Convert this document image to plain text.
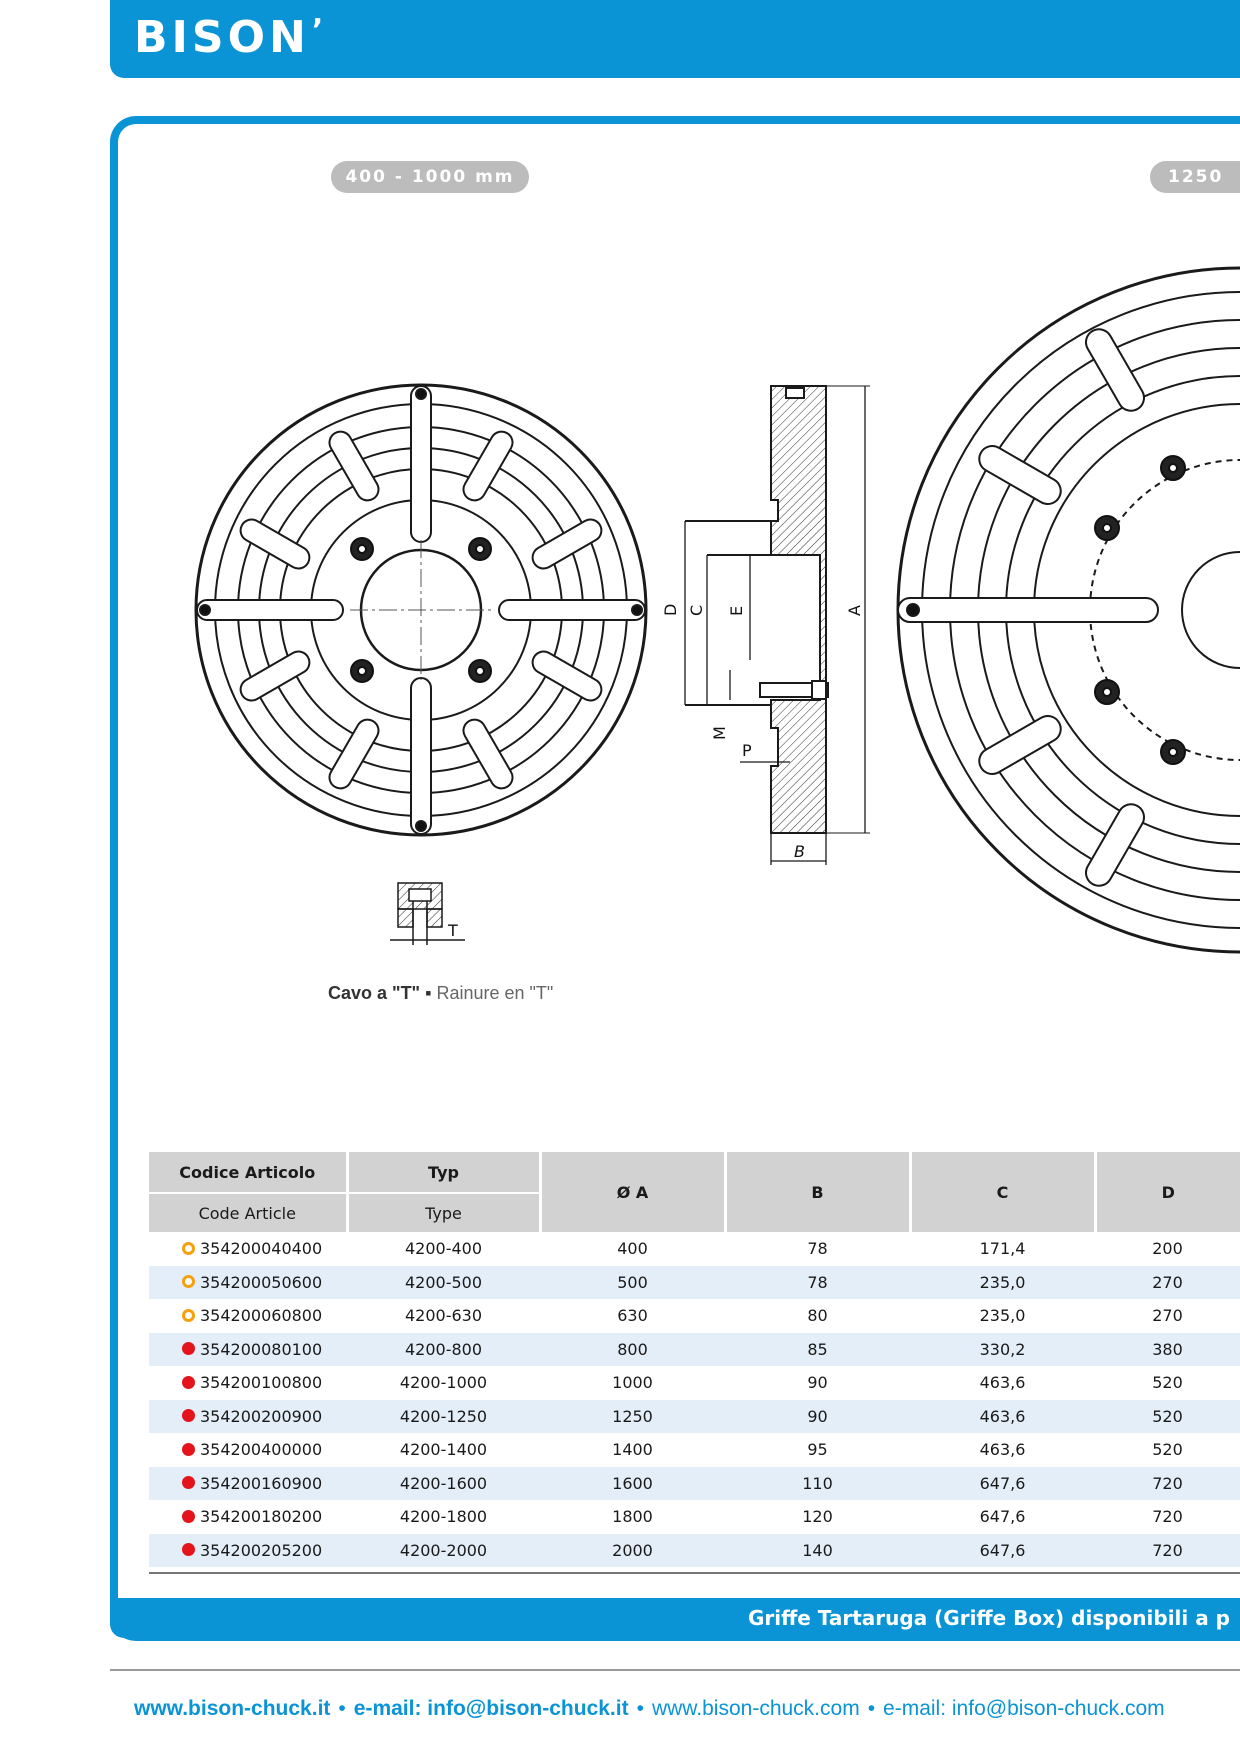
BISON’
400 - 1000 mm	1250
D C E	A
M
P
B
T
Cavo a "T" ▪ Rainure en "T"
Codice Articolo	Typ	Ø A	B	C	D
Code Article	Type				

354200040400	4200-400	400	78	171,4	200

354200050600	4200-500	500	78	235,0	270

354200060800	4200-630	630	80	235,0	270

354200080100	4200-800	800	85	330,2	380

354200100800	4200-1000	1000	90	463,6	520

354200200900	4200-1250	1250	90	463,6	520

354200400000	4200-1400	1400	95	463,6	520

354200160900	4200-1600	1600	110	647,6	720

354200180200	4200-1800	1800	120	647,6	720

354200205200	4200-2000	2000	140	647,6	720
Griffe Tartaruga (Griffe Box) disponibili a p
www.bison-chuck.it • e-mail: info@bison-chuck.it • www.bison-chuck.com • e-mail: info@bison-chuck.com
